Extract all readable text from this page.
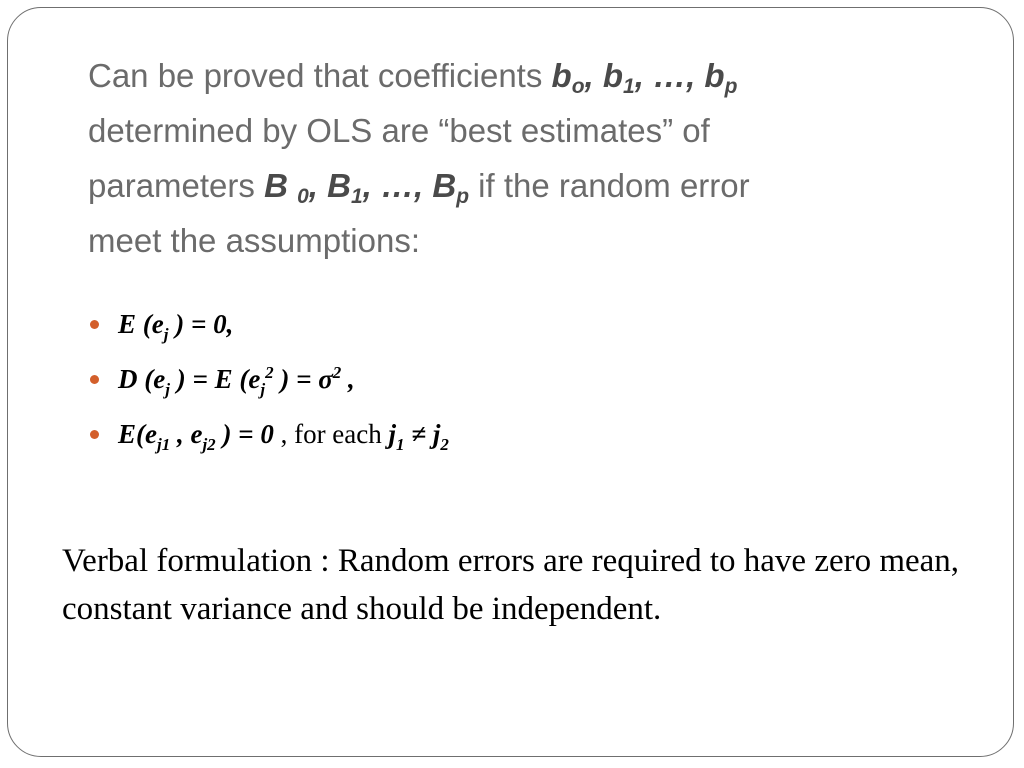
Can be proved that coefficients $b_o$, $b_1$, …, $b_p$
determined by OLS are “best estimates” of
parameters B $_0$, $B_1$, …, $B_p$ if the random error
meet the assumptions:
E ($e_j$ ) = 0,
D ($e_j$ ) = E ($e_j^2$ ) = $\sigma^2$ ,
$E(e_{j1}$ , $e_{j2}$ ) = 0 , for each $j_1 \ne j_2$
Verbal formulation : Random errors are required to have zero mean, constant variance and should be independent.
